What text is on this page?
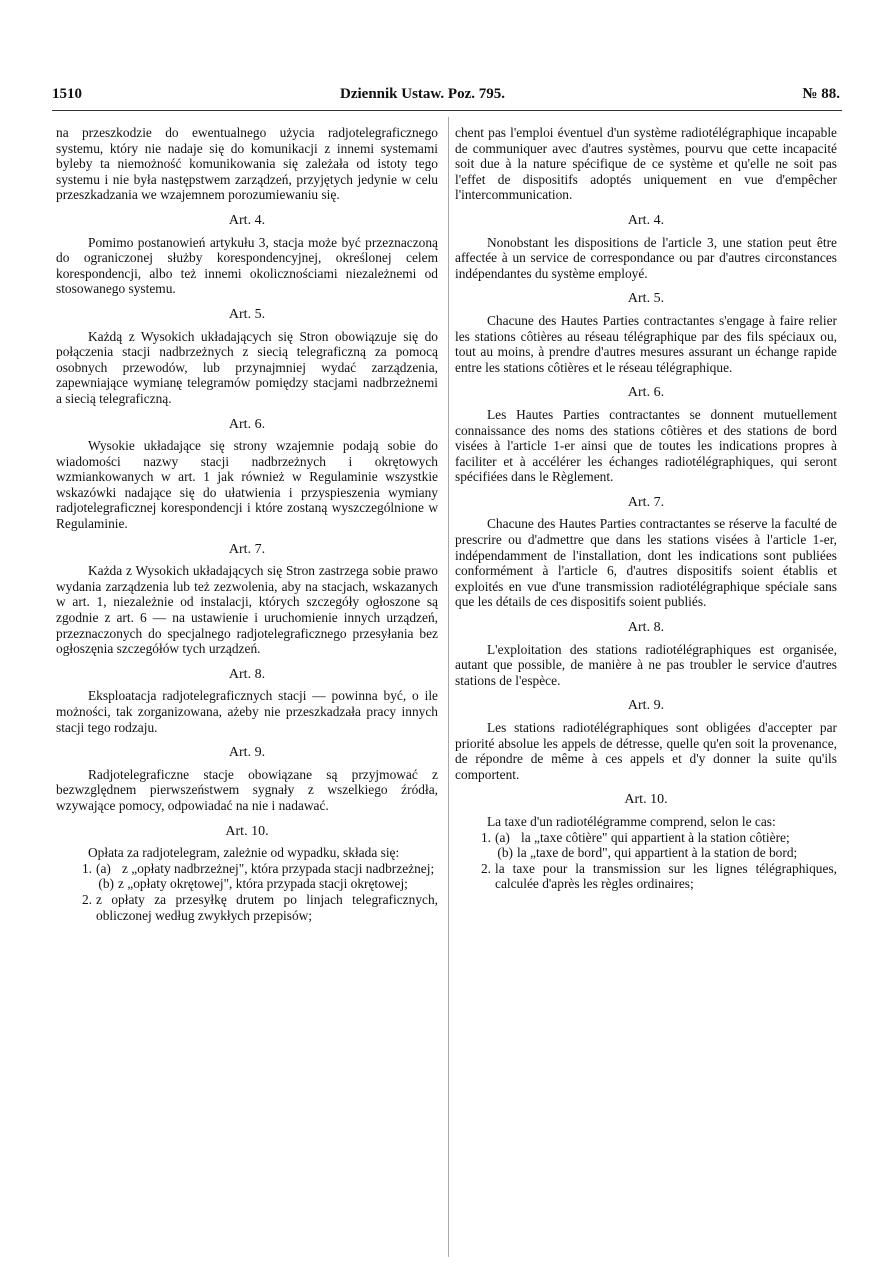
1510	Dziennik Ustaw. Poz. 795.	№ 88.

na przeszkodzie do ewentualnego użycia radjotelegraficznego systemu, który nie nadaje się do komunikacji z innemi systemami byleby ta niemożność komunikowania się zależała od istoty tego systemu i nie była następstwem zarządzeń, przyjętych jedynie w celu przeszkadzania we wzajemnem porozumiewaniu się.

Art. 4.

Pomimo postanowień artykułu 3, stacja może być przeznaczoną do ograniczonej służby korespondencyjnej, określonej celem korespondencji, albo też innemi okolicznościami niezależnemi od stosowanego systemu.

Art. 5.

Każdą z Wysokich układających się Stron obowiązuje się do połączenia stacji nadbrzeżnych z siecią telegraficzną za pomocą osobnych przewodów, lub przynajmniej wydać zarządzenia, zapewniające wymianę telegramów pomiędzy stacjami nadbrzeżnemi a siecią telegraficzną.

Art. 6.

Wysokie układające się strony wzajemnie podają sobie do wiadomości nazwy stacji nadbrzeżnych i okrętowych wzmiankowanych w art. 1 jak również w Regulaminie wszystkie wskazówki nadające się do ułatwienia i przyspieszenia wymiany radjotelegraficznej korespondencji i które zostaną wyszczególnione w Regulaminie.

Art. 7.

Każda z Wysokich układających się Stron zastrzega sobie prawo wydania zarządzenia lub też zezwolenia, aby na stacjach, wskazanych w art. 1, niezależnie od instalacji, których szczegóły ogłoszone są zgodnie z art. 6 — na ustawienie i uruchomienie innych urządzeń, przeznaczonych do specjalnego radjotelegraficznego przesyłania bez ogłoszęnia szczegółów tych urządzeń.

Art. 8.

Eksploatacja radjotelegraficznych stacji — powinna być, o ile możności, tak zorganizowana, ażeby nie przeszkadzała pracy innych stacji tego rodzaju.

Art. 9.

Radjotelegraficzne stacje obowiązane są przyjmować z bezwzględnem pierwszeństwem sygnały z wszelkiego źródła, wzywające pomocy, odpowiadać na nie i nadawać.

Art. 10.

Opłata za radjotelegram, zależnie od wypadku, składa się:

1. (a) z „opłaty nadbrzeżnej", która przypada stacji nadbrzeżnej;
(b) z „opłaty okrętowej", która przypada stacji okrętowej;
2. z opłaty za przesyłkę drutem po linjach telegraficznych, obliczonej według zwykłych przepisów;

chent pas l'emploi éventuel d'un système radiotélégraphique incapable de communiquer avec d'autres systèmes, pourvu que cette incapacité soit due à la nature spécifique de ce système et qu'elle ne soit pas l'effet de dispositifs adoptés uniquement en vue d'empêcher l'intercommunication.

Art. 4.

Nonobstant les dispositions de l'article 3, une station peut être affectée à un service de correspondance ou par d'autres circonstances indépendantes du système employé.

Art. 5.

Chacune des Hautes Parties contractantes s'engage à faire relier les stations côtières au réseau télégraphique par des fils spéciaux ou, tout au moins, à prendre d'autres mesures assurant un échange rapide entre les stations côtières et le réseau télégraphique.

Art. 6.

Les Hautes Parties contractantes se donnent mutuellement connaissance des noms des stations côtières et des stations de bord visées à l'article 1-er ainsi que de toutes les indications propres à faciliter et à accélérer les échanges radiotélégraphiques, qui seront spécifiées dans le Règlement.

Art. 7.

Chacune des Hautes Parties contractantes se réserve la faculté de prescrire ou d'admettre que dans les stations visées à l'article 1-er, indépendamment de l'installation, dont les indications sont publiées conformément à l'article 6, d'autres dispositifs soient établis et exploités en vue d'une transmission radiotélégraphique spéciale sans que les détails de ces dispositifs soient publiés.

Art. 8.

L'exploitation des stations radiotélégraphiques est organisée, autant que possible, de manière à ne pas troubler le service d'autres stations de l'espèce.

Art. 9.

Les stations radiotélégraphiques sont obligées d'accepter par priorité absolue les appels de détresse, quelle qu'en soit la provenance, de répondre de même à ces appels et d'y donner la suite qu'ils comportent.

Art. 10.

La taxe d'un radiotélégramme comprend, selon le cas:

1. (a) la „taxe côtière" qui appartient à la station côtière;
(b) la „taxe de bord", qui appartient à la station de bord;
2. la taxe pour la transmission sur les lignes télégraphiques, calculée d'après les règles ordinaires;
